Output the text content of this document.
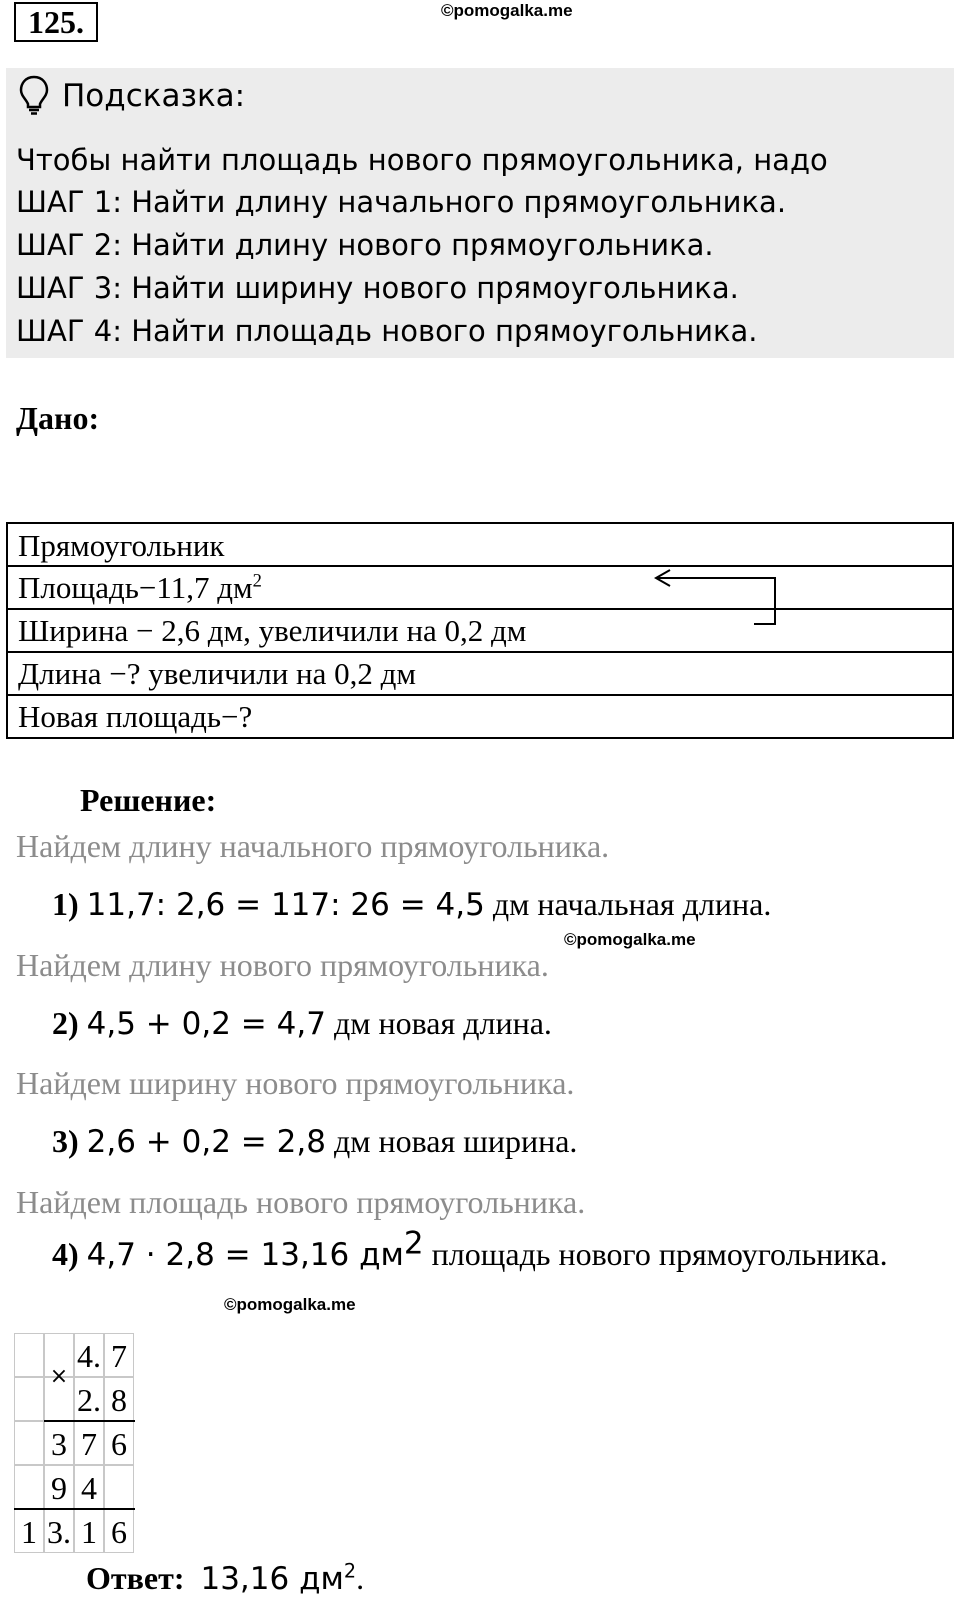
125.	©pomogalka.me
Подсказка:
Чтобы найти площадь нового прямоугольника, надо
ШАГ 1: Найти длину начального прямоугольника.
ШАГ 2: Найти длину нового прямоугольника.
ШАГ 3: Найти ширину нового прямоугольника.
ШАГ 4: Найти площадь нового прямоугольника.
Дано:
Прямоугольник
Площадь−11,7 $дм^2$
Ширина − 2,6 дм, увеличили на 0,2 дм
Длина −? увеличили на 0,2 дм
Новая площадь−?
Решение:
Найдем длину начального прямоугольника.
1) 11,7: 2,6 = 117: 26 = 4,5 дм начальная длина.
©pomogalka.me
Найдем длину нового прямоугольника.
2) 4,5 + 0,2 = 4,7 дм новая длина.
Найдем ширину нового прямоугольника.
3) 2,6 + 0,2 = 2,8 дм новая ширина.
Найдем площадь нового прямоугольника.
4) 4,7 · 2,8 = 13,16 $дм^2$ площадь нового прямоугольника.
©pomogalka.me
4. 7
2. 8
3 7 6
9 4
1 3. 1 6
×
Ответ: 13,16 $дм^2$.
